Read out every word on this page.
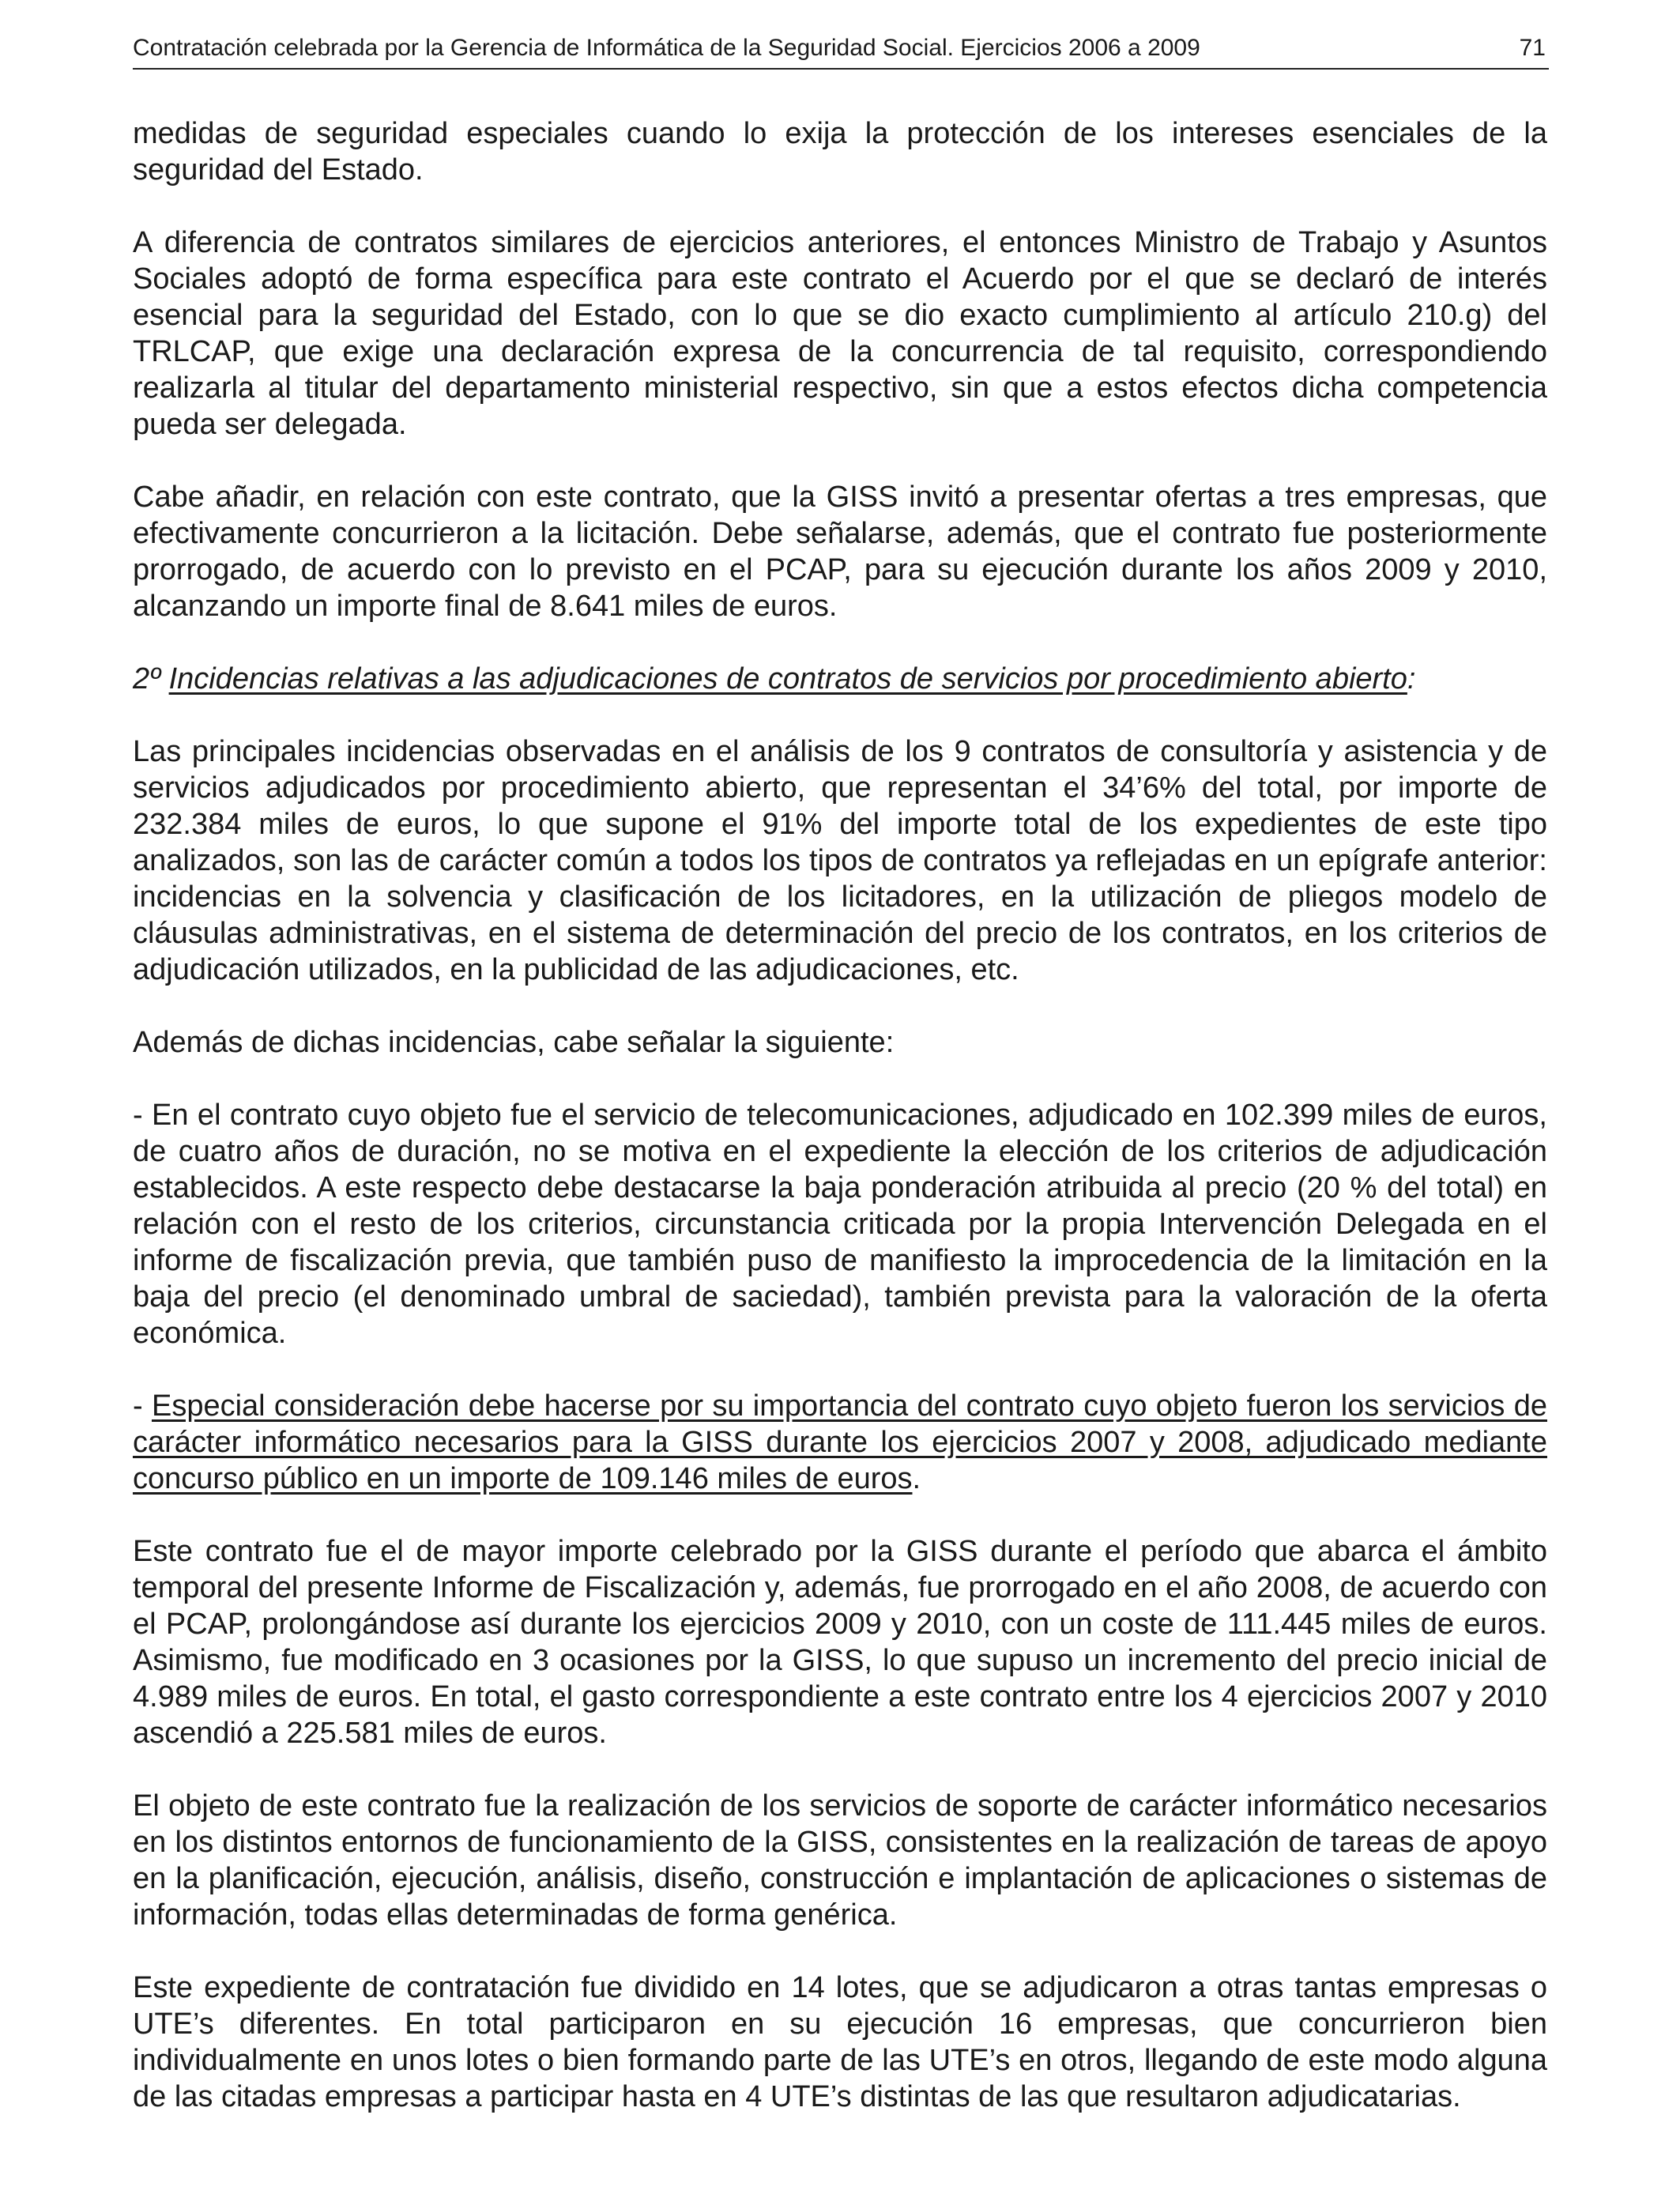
Contratación celebrada por la Gerencia de Informática de la Seguridad Social. Ejercicios 2006 a 2009	71

medidas de seguridad especiales cuando lo exija la protección de los intereses esenciales de la seguridad del Estado.

A diferencia de contratos similares de ejercicios anteriores, el entonces Ministro de Trabajo y Asuntos Sociales adoptó de forma específica para este contrato el Acuerdo por el que se declaró de interés esencial para la seguridad del Estado, con lo que se dio exacto cumplimiento al artículo 210.g) del TRLCAP, que exige una declaración expresa de la concurrencia de tal requisito, correspondiendo realizarla al titular del departamento ministerial respectivo, sin que a estos efectos dicha competencia pueda ser delegada.

Cabe añadir, en relación con este contrato, que la GISS invitó a presentar ofertas a tres empresas, que efectivamente concurrieron a la licitación. Debe señalarse, además, que el contrato fue posteriormente prorrogado, de acuerdo con lo previsto en el PCAP, para su ejecución durante los años 2009 y 2010, alcanzando un importe final de 8.641 miles de euros.

2º Incidencias relativas a las adjudicaciones de contratos de servicios por procedimiento abierto:

Las principales incidencias observadas en el análisis de los 9 contratos de consultoría y asistencia y de servicios adjudicados por procedimiento abierto, que representan el 34’6% del total, por importe de 232.384 miles de euros, lo que supone el 91% del importe total de los expedientes de este tipo analizados, son las de carácter común a todos los tipos de contratos ya reflejadas en un epígrafe anterior: incidencias en la solvencia y clasificación de los licitadores, en la utilización de pliegos modelo de cláusulas administrativas, en el sistema de determinación del precio de los contratos, en los criterios de adjudicación utilizados, en la publicidad de las adjudicaciones, etc.

Además de dichas incidencias, cabe señalar la siguiente:

- En el contrato cuyo objeto fue el servicio de telecomunicaciones, adjudicado en 102.399 miles de euros, de cuatro años de duración, no se motiva en el expediente la elección de los criterios de adjudicación establecidos. A este respecto debe destacarse la baja ponderación atribuida al precio (20 % del total) en relación con el resto de los criterios, circunstancia criticada por la propia Intervención Delegada en el informe de fiscalización previa, que también puso de manifiesto la improcedencia de la limitación en la baja del precio (el denominado umbral de saciedad), también prevista para la valoración de la oferta económica.

- Especial consideración debe hacerse por su importancia del contrato cuyo objeto fueron los servicios de carácter informático necesarios para la GISS durante los ejercicios 2007 y 2008, adjudicado mediante concurso público en un importe de 109.146 miles de euros.

Este contrato fue el de mayor importe celebrado por la GISS durante el período que abarca el ámbito temporal del presente Informe de Fiscalización y, además, fue prorrogado en el año 2008, de acuerdo con el PCAP, prolongándose así durante los ejercicios 2009 y 2010, con un coste de 111.445 miles de euros. Asimismo, fue modificado en 3 ocasiones por la GISS, lo que supuso un incremento del precio inicial de 4.989 miles de euros. En total, el gasto correspondiente a este contrato entre los 4 ejercicios 2007 y 2010 ascendió a 225.581 miles de euros.

El objeto de este contrato fue la realización de los servicios de soporte de carácter informático necesarios en los distintos entornos de funcionamiento de la GISS, consistentes en la realización de tareas de apoyo en la planificación, ejecución, análisis, diseño, construcción e implantación de aplicaciones o sistemas de información, todas ellas determinadas de forma genérica.

Este expediente de contratación fue dividido en 14 lotes, que se adjudicaron a otras tantas empresas o UTE’s diferentes. En total participaron en su ejecución 16 empresas, que concurrieron bien individualmente en unos lotes o bien formando parte de las UTE’s en otros, llegando de este modo alguna de las citadas empresas a participar hasta en 4 UTE’s distintas de las que resultaron adjudicatarias.
